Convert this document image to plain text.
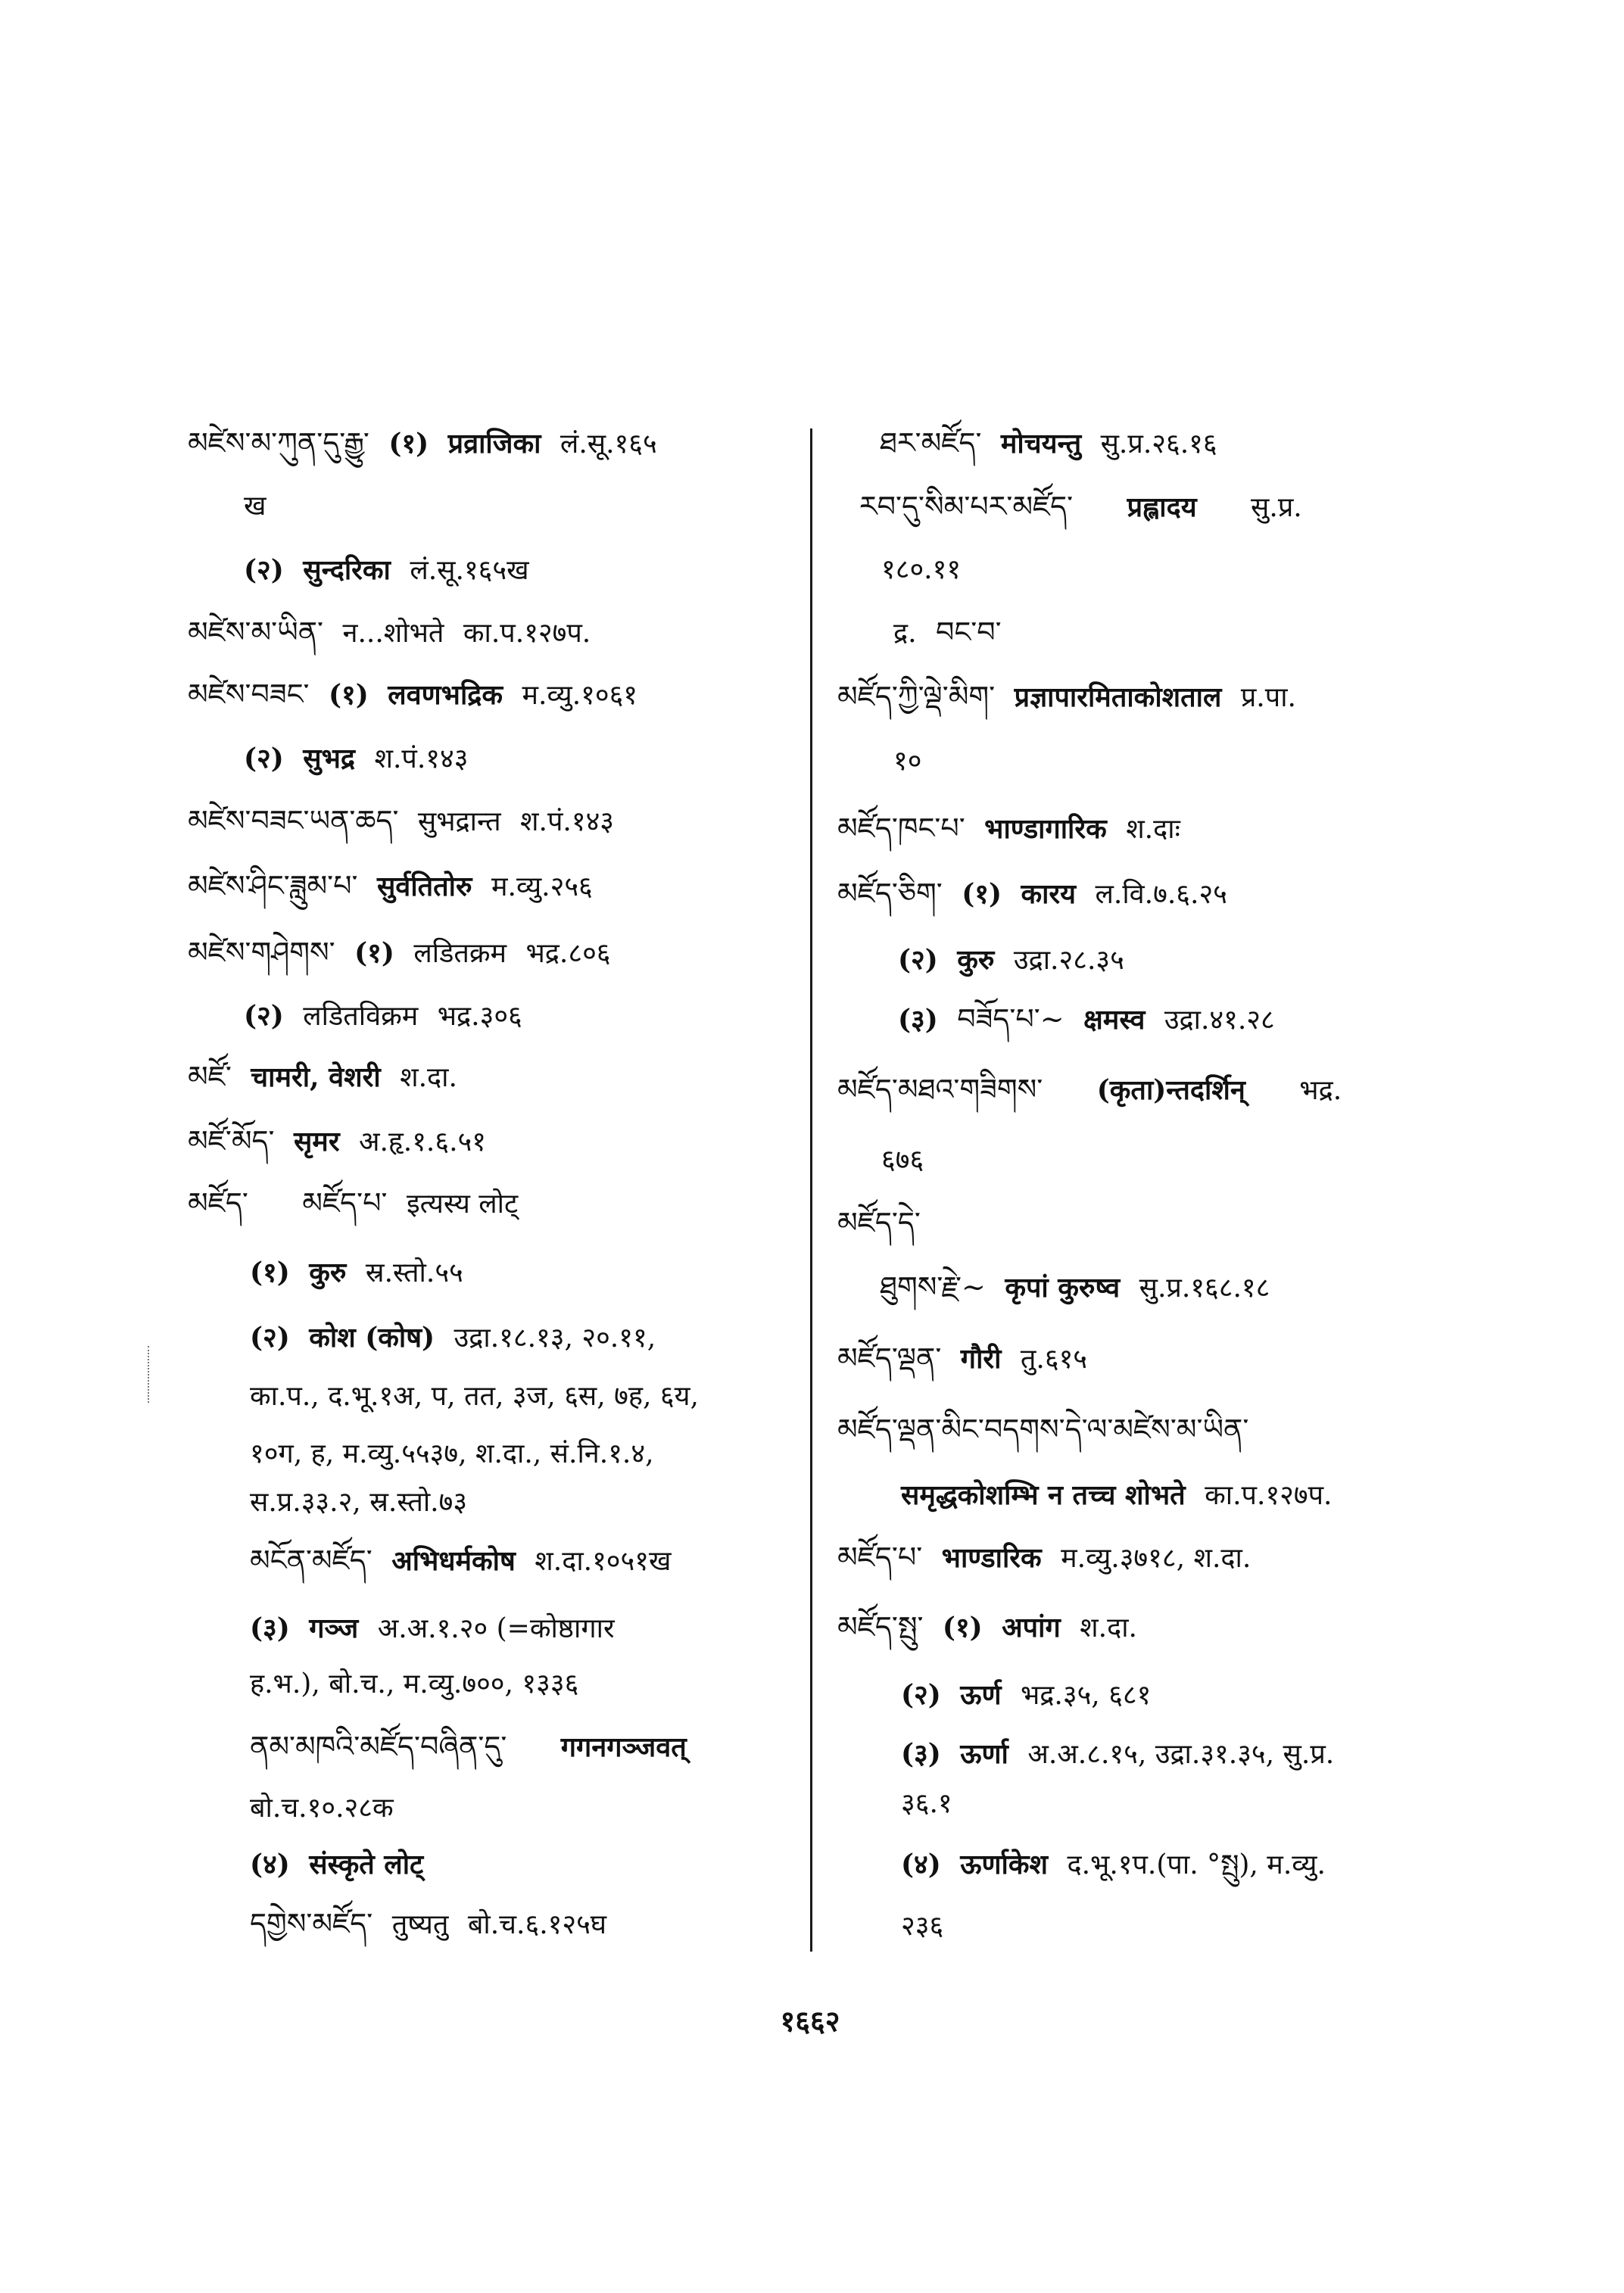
མཛེས་མ་ཀུན་དུ་རྒྱུ་ (१) प्रव्राजिका लं.सू.१६५
ख
(२) सुन्दरिका लं.सू.१६५ख
མཛེས་མ་ཡིན་ न...शोभते का.प.१२७प.
མཛེས་བཟང་ (१) लवणभद्रिक म.व्यु.१०६१
(२) सुभद्र श.पं.१४३
མཛེས་བཟང་ཡན་ཆད་ सुभद्रान्त श.पं.१४३
མཛེས་ཤིང་ཟླུམ་པ་ सुर्वतितोरु म.व्यु.२५६
མཛེས་གཤེགས་ (१) लडितक्रम भद्र.८०६
(२) लडितविक्रम भद्र.३०६
མཛོ་ चामरी, वेशरी श.दा.
མཛོ་མོད་ सृमर अ.हृ.१.६.५१
མཛོད་ མཛོད་པ་ इत्यस्य लोट्
(१) कुरु स्र.स्तो.५५
(२) कोश (कोष) उद्रा.१८.१३, २०.११,
का.प., द.भू.१अ, प, तत, ३ज, ६स, ७ह, ६य,
१०ग, ह, म.व्यु.५५३७, श.दा., सं.नि.१.४,
स.प्र.३३.२, स्र.स्तो.७३
མངོན་མཛོད་ अभिधर्मकोष श.दा.१०५१ख
(३) गञ्ज अ.अ.१.२० (=कोष्ठागार
ह.भ.), बो.च., म.व्यु.७००, १३३६
ནམ་མཁའི་མཛོད་བཞིན་དུ་ गगनगञ्जवत्
बो.च.१०.२८क
(४) संस्कृते लोट्
དགྱེས་མཛོད་ तुष्यतु बो.च.६.१२५घ
ཐར་མཛོད་ मोचयन्तु सु.प्र.२६.१६
རབ་དུ་སིམ་པར་མཛོད་ प्रह्लादय सु.प्र.
१८०.११
द्र. བང་བ་
མཛོད་ཀྱི་ལྡེ་མིག་ प्रज्ञापारमिताकोशताल प्र.पा.
१०
མཛོད་ཁང་པ་ भाण्डागारिक श.दाः
མཛོད་ཅིག་ (१) कारय ल.वि.७.६.२५
(२) कुरु उद्रा.२८.३५
(३) བཟོད་པ་~ क्षमस्व उद्रा.४१.२८
མཛོད་མཐའ་གཟིགས་ (कृता)न्तदर्शिन् भद्र.
६७६
མཛོད་དེ་
ཐུགས་རྗེ་~ कृपां कुरुष्व सु.प्र.१६८.१८
མཛོད་ལྡན་ गौरी तु.६१५
མཛོད་ལྡན་མིང་བདགས་དེ་ལ་མཛེས་མ་ཡིན་
समृद्धकोशम्भि न तच्च शोभते का.प.१२७प.
མཛོད་པ་ भाण्डारिक म.व्यु.३७१८, श.दा.
མཛོད་སྤུ་ (१) अपांग श.दा.
(२) ऊर्ण भद्र.३५, ६८१
(३) ऊर्णा अ.अ.८.१५, उद्रा.३१.३५, सु.प्र.
३६.१
(४) ऊर्णाकेश द.भू.१प.(पा. °སྤུ), म.व्यु.
२३६
१६६२
